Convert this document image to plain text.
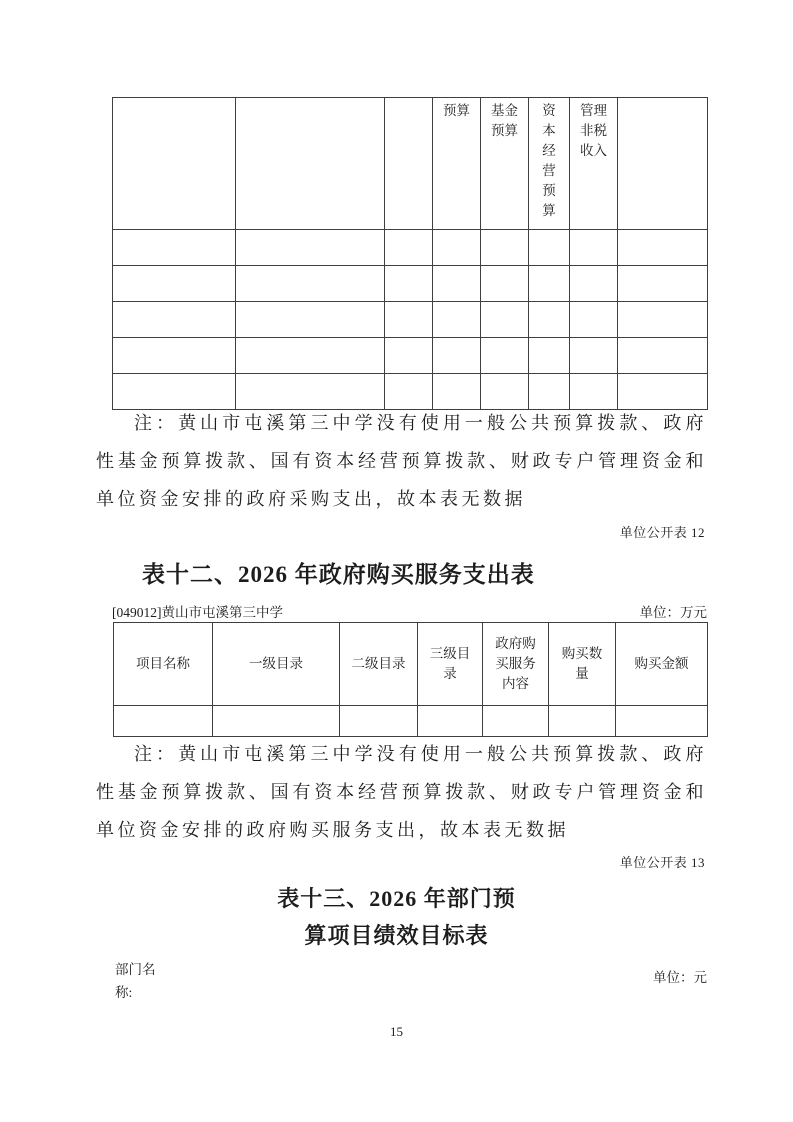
			预算	基金预算	资本经营预算	管理非税收入	

注：黄山市屯溪第三中学没有使用一般公共预算拨款、政府性基金预算拨款、国有资本经营预算拨款、财政专户管理资金和单位资金安排的政府采购支出，故本表无数据

单位公开表 12
表十二、2026 年政府购买服务支出表
[049012]黄山市屯溪第三中学	单位：万元
项目名称	一级目录	二级目录	三级目录	政府购买服务内容	购买数量	购买金额

注：黄山市屯溪第三中学没有使用一般公共预算拨款、政府性基金预算拨款、国有资本经营预算拨款、财政专户管理资金和单位资金安排的政府购买服务支出，故本表无数据

单位公开表 13
表十三、2026 年部门预
算项目绩效目标表
部门名称:
单位：元
15
